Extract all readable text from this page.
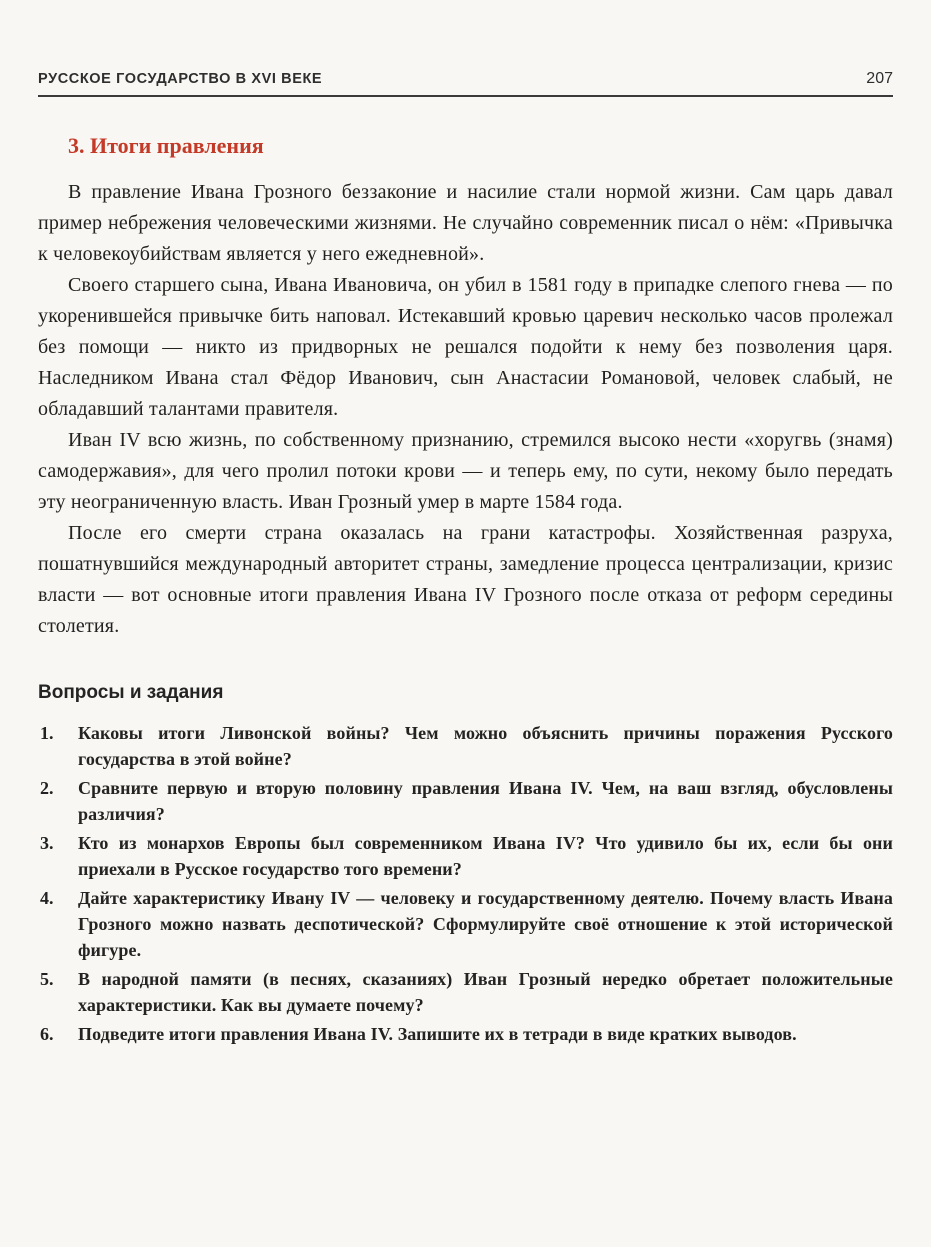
РУССКОЕ ГОСУДАРСТВО В XVI ВЕКЕ	207
3. Итоги правления

В правление Ивана Грозного беззаконие и насилие стали нормой жизни. Сам царь давал пример небрежения человеческими жизнями. Не случайно современник писал о нём: «Привычка к человекоубийствам является у него ежедневной».

Своего старшего сына, Ивана Ивановича, он убил в 1581 году в припадке слепого гнева — по укоренившейся привычке бить наповал. Истекавший кровью царевич несколько часов пролежал без помощи — никто из придворных не решался подойти к нему без позволения царя. Наследником Ивана стал Фёдор Иванович, сын Анастасии Романовой, человек слабый, не обладавший талантами правителя.

Иван IV всю жизнь, по собственному признанию, стремился высоко нести «хоругвь (знамя) самодержавия», для чего пролил потоки крови — и теперь ему, по сути, некому было передать эту неограниченную власть. Иван Грозный умер в марте 1584 года.

После его смерти страна оказалась на грани катастрофы. Хозяйственная разруха, пошатнувшийся международный авторитет страны, замедление процесса централизации, кризис власти — вот основные итоги правления Ивана IV Грозного после отказа от реформ середины столетия.

Вопросы и задания
1.	Каковы итоги Ливонской войны? Чем можно объяснить причины поражения Русского государства в этой войне?
2.	Сравните первую и вторую половину правления Ивана IV. Чем, на ваш взгляд, обусловлены различия?
3.	Кто из монархов Европы был современником Ивана IV? Что удивило бы их, если бы они приехали в Русское государство того времени?
4.	Дайте характеристику Ивану IV — человеку и государственному деятелю. Почему власть Ивана Грозного можно назвать деспотической? Сформулируйте своё отношение к этой исторической фигуре.
5.	В народной памяти (в песнях, сказаниях) Иван Грозный нередко обретает положительные характеристики. Как вы думаете почему?
6.	Подведите итоги правления Ивана IV. Запишите их в тетради в виде кратких выводов.
